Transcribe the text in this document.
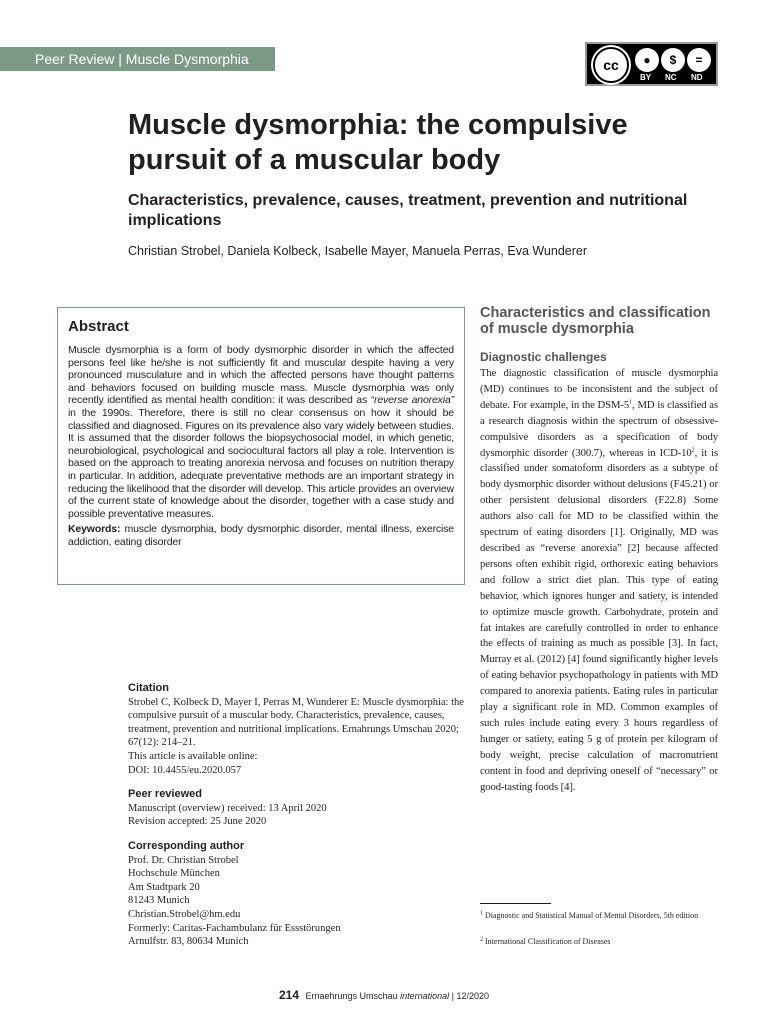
Peer Review | Muscle Dysmorphia	cc	●	$	=
BY NC ND
Muscle dysmorphia: the compulsive pursuit of a muscular body

Characteristics, prevalence, causes, treatment, prevention and nutritional implications

Christian Strobel, Daniela Kolbeck, Isabelle Mayer, Manuela Perras, Eva Wunderer
Abstract

Muscle dysmorphia is a form of body dysmorphic disorder in which the affected persons feel like he/she is not sufficiently fit and muscular despite having a very pronounced musculature and in which the affected persons have thought patterns and behaviors focused on building muscle mass. Muscle dysmorphia was only recently identified as mental health condition: it was described as “reverse anorexia” in the 1990s. Therefore, there is still no clear consensus on how it should be classified and diagnosed. Figures on its prevalence also vary widely between studies. It is assumed that the disorder follows the biopsychosocial model, in which genetic, neurobiological, psychological and sociocultural factors all play a role. Intervention is based on the approach to treating anorexia nervosa and focuses on nutrition therapy in particular. In addition, adequate preventative methods are an important strategy in reducing the likelihood that the disorder will develop. This article provides an overview of the current state of knowledge about the disorder, together with a case study and possible preventative measures.

Keywords: muscle dysmorphia, body dysmorphic disorder, mental illness, exercise addiction, eating disorder

Citation
Strobel C, Kolbeck D, Mayer I, Perras M, Wunderer E: Muscle dysmorphia: the compulsive pursuit of a muscular body. Characteristics, prevalence, causes, treatment, prevention and nutritional implications. Ernahrungs Umschau 2020; 67(12): 214–21.
This article is available online:
DOI: 10.4455/eu.2020.057
Peer reviewed
Manuscript (overview) received: 13 April 2020
Revision accepted: 25 June 2020
Corresponding author
Prof. Dr. Christian Strobel
Hochschule München
Am Stadtpark 20
81243 Munich
Christian.Strobel@hm.edu
Formerly: Caritas-Fachambulanz für Essstörungen
Arnulfstr. 83, 80634 Munich
Characteristics and classification of muscle dysmorphia
Diagnostic challenges

The diagnostic classification of muscle dysmorphia (MD) continues to be inconsistent and the subject of debate. For example, in the DSM-$5^1$, MD is classified as a research diagnosis within the spectrum of obsessive-compulsive disorders as a specification of body dysmorphic disorder (300.7), whereas in ICD-$10^2$, it is classified under somatoform disorders as a subtype of body dysmorphic disorder without delusions (F45.21) or other persistent delusional disorders (F22.8) Some authors also call for MD to be classified within the spectrum of eating disorders [1]. Originally, MD was described as “reverse anorexia” [2] because affected persons often exhibit rigid, orthorexic eating behaviors and follow a strict diet plan. This type of eating behavior, which ignores hunger and satiety, is intended to optimize muscle growth. Carbohydrate, protein and fat intakes are carefully controlled in order to enhance the effects of training as much as possible [3]. In fact, Murray et al. (2012) [4] found significantly higher levels of eating behavior psychopathology in patients with MD compared to anorexia patients. Eating rules in particular play a significant role in MD. Common examples of such rules include eating every 3 hours regardless of hunger or satiety, eating 5 g of protein per kilogram of body weight, precise calculation of macronutrient content in food and depriving oneself of “necessary” or good-tasting foods [4].

$^1$ Diagnostic and Statistical Manual of Mental Disorders, 5th edition
$^2$ International Classification of Diseases
214 Ernaehrungs Umschau international | 12/2020
